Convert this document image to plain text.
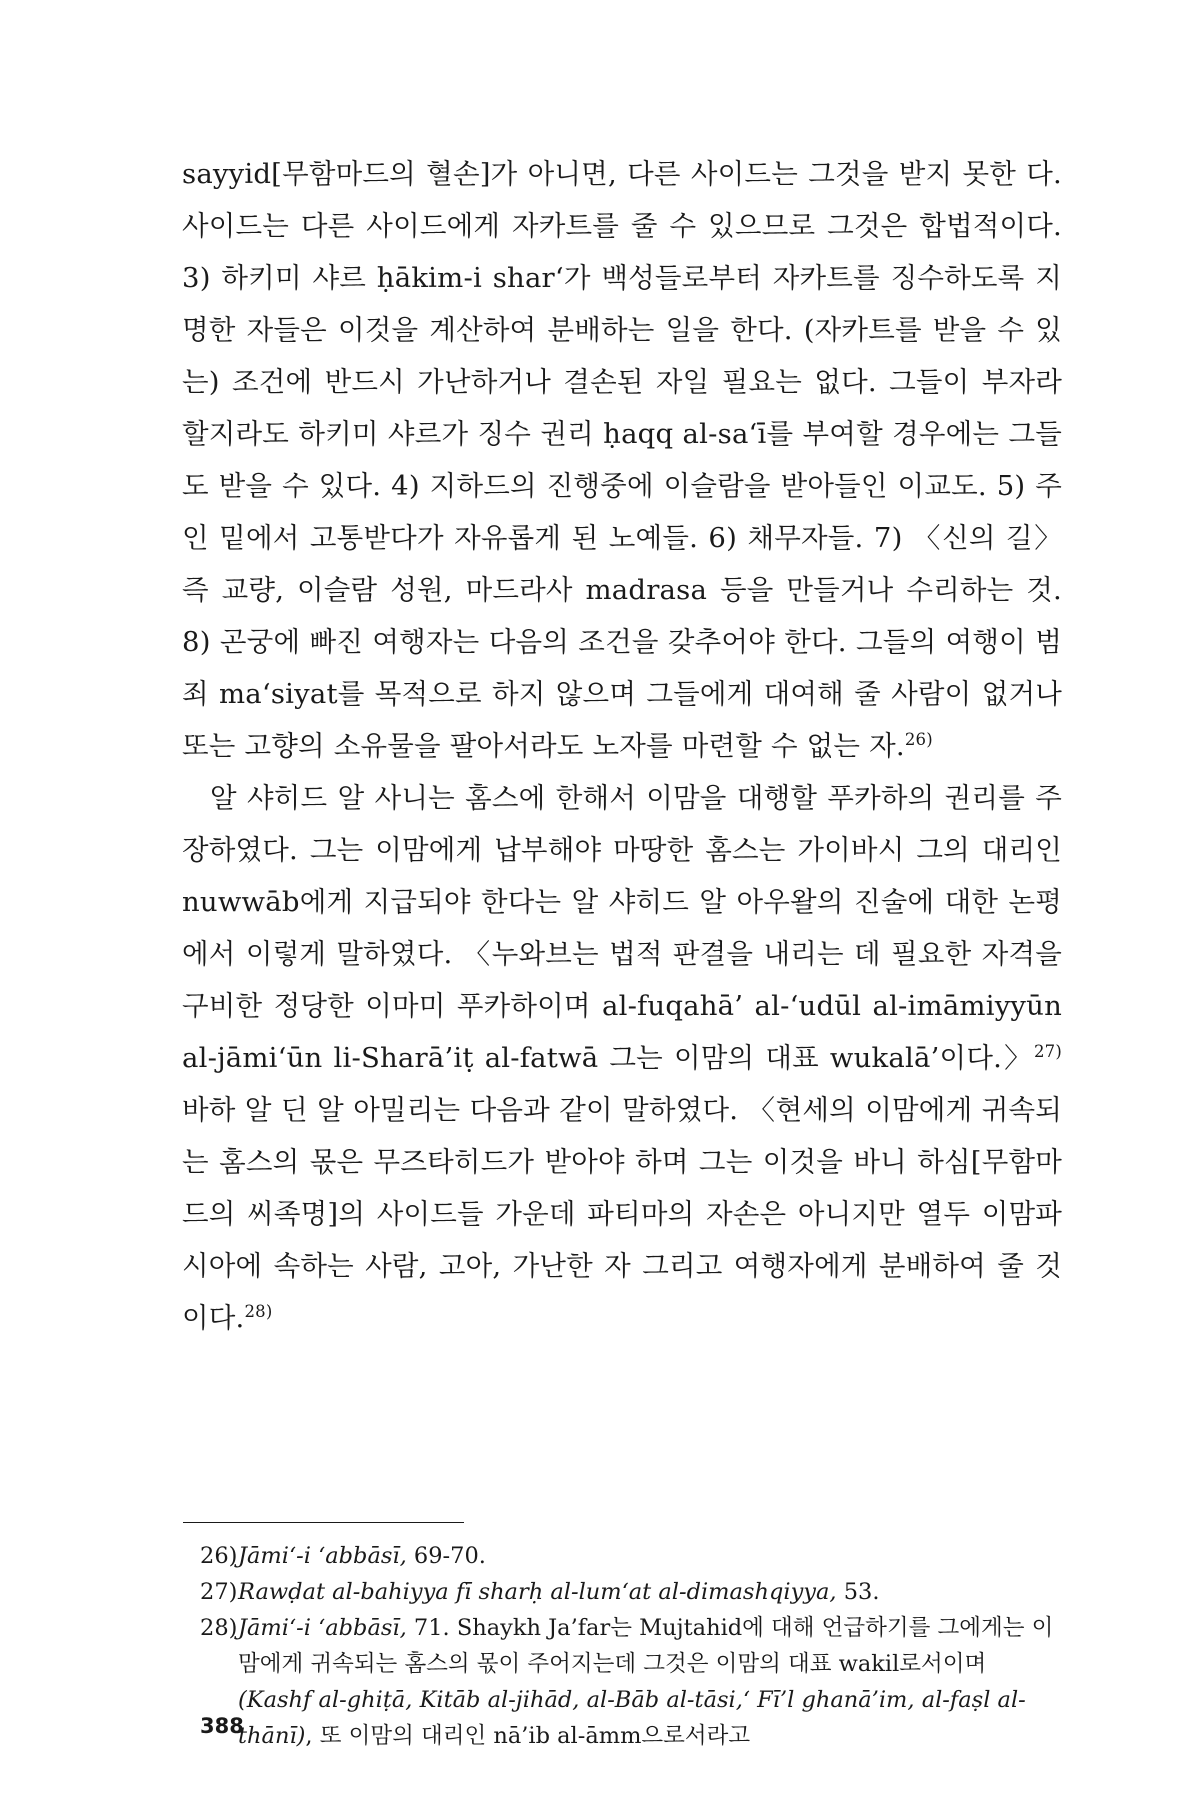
sayyid[무함마드의 혈손]가 아니면, 다른 사이드는 그것을 받지 못한 다. 사이드는 다른 사이드에게 자카트를 줄 수 있으므로 그것은 합법적이다. 3) 하키미 샤르 ḥākim-i shar‘가 백성들로부터 자카트를 징수하도록 지명한 자들은 이것을 계산하여 분배하는 일을 한다. (자카트를 받을 수 있는) 조건에 반드시 가난하거나 결손된 자일 필요는 없다. 그들이 부자라 할지라도 하키미 샤르가 징수 권리 ḥaqq al-sa‘ī를 부여할 경우에는 그들도 받을 수 있다. 4) 지하드의 진행중에 이슬람을 받아들인 이교도. 5) 주인 밑에서 고통받다가 자유롭게 된 노예들. 6) 채무자들. 7) 〈신의 길〉 즉 교량, 이슬람 성원, 마드라사 madrasa 등을 만들거나 수리하는 것. 8) 곤궁에 빠진 여행자는 다음의 조건을 갖추어야 한다. 그들의 여행이 범죄 ma‘siyat를 목적으로 하지 않으며 그들에게 대여해 줄 사람이 없거나 또는 고향의 소유물을 팔아서라도 노자를 마련할 수 없는 자.$^{26)}$

알 샤히드 알 사니는 홈스에 한해서 이맘을 대행할 푸카하의 권리를 주장하였다. 그는 이맘에게 납부해야 마땅한 홈스는 가이바시 그의 대리인 nuwwāb에게 지급되야 한다는 알 샤히드 알 아우왈의 진술에 대한 논평에서 이렇게 말하였다. 〈누와브는 법적 판결을 내리는 데 필요한 자격을 구비한 정당한 이마미 푸카하이며 al-fuqahā’ al-‘udūl al-imāmiyyūn al-jāmi‘ūn li-Sharā’iṭ al-fatwā 그는 이맘의 대표 wukalā’이다.〉$^{27)}$ 바하 알 딘 알 아밀리는 다음과 같이 말하였다. 〈현세의 이맘에게 귀속되는 홈스의 몫은 무즈타히드가 받아야 하며 그는 이것을 바니 하심[무함마드의 씨족명]의 사이드들 가운데 파티마의 자손은 아니지만 열두 이맘파 시아에 속하는 사람, 고아, 가난한 자 그리고 여행자에게 분배하여 줄 것이다.$^{28)}$

26)Jāmi‘-i ‘abbāsī, 69-70.

27)Rawḍat al-bahiyya fī sharḥ al-lum‘at al-dimashqiyya, 53.

28)Jāmi‘-i ‘abbāsī, 71. Shaykh Ja’far는 Mujtahid에 대해 언급하기를 그에게는 이맘에게 귀속되는 홈스의 몫이 주어지는데 그것은 이맘의 대표 wakil로서이며 (Kashf al-ghiṭā, Kitāb al-jihād, al-Bāb al-tāsi,‘ Fī’l ghanā’im, al-faṣl al-thānī), 또 이맘의 대리인 nā’ib al-āmm으로서라고

388
